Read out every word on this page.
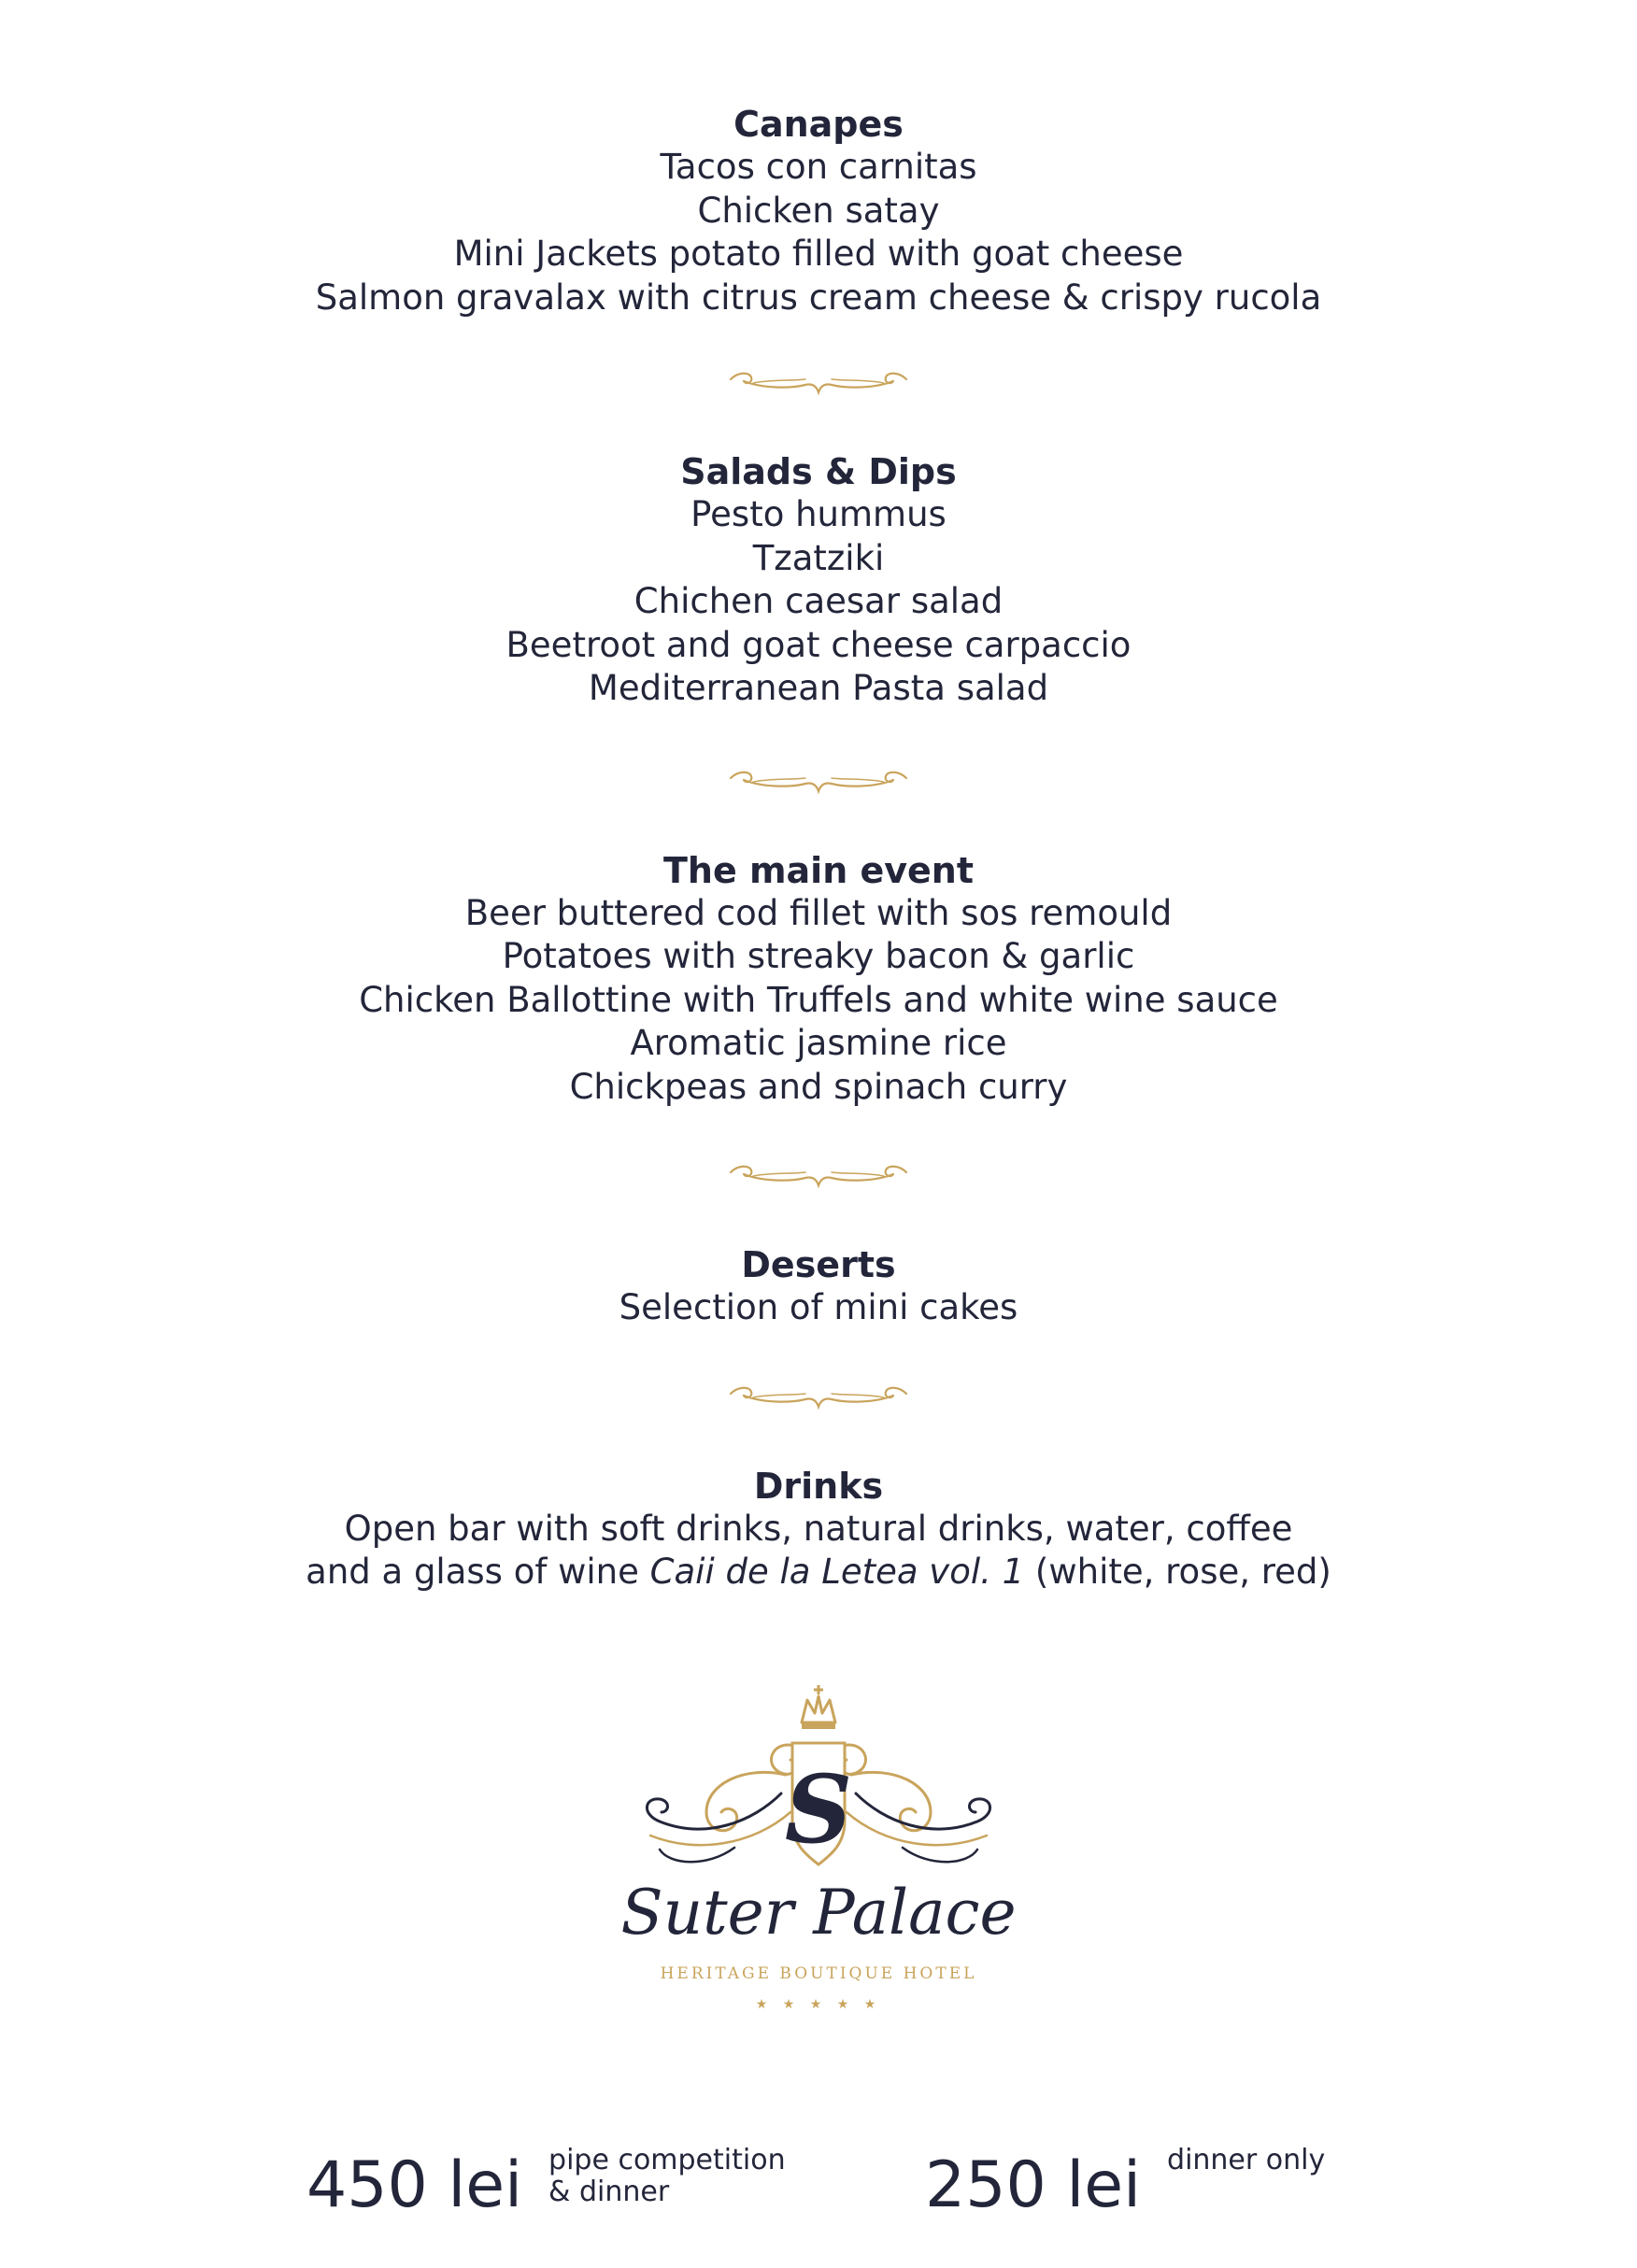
Canapes

Tacos con carnitas

Chicken satay

Mini Jackets potato filled with goat cheese

Salmon gravalax with citrus cream cheese & crispy rucola

Salads & Dips

Pesto hummus

Tzatziki

Chichen caesar salad

Beetroot and goat cheese carpaccio

Mediterranean Pasta salad

The main event

Beer buttered cod fillet with sos remould

Potatoes with streaky bacon & garlic

Chicken Ballottine with Truffels and white wine sauce

Aromatic jasmine rice

Chickpeas and spinach curry

Deserts

Selection of mini cakes

Drinks

Open bar with soft drinks, natural drinks, water, coffee

and a glass of wine Caii de la Letea vol. 1 (white, rose, red)

S
Suter Palace
HERITAGE BOUTIQUE HOTEL
★ ★ ★ ★ ★
450 lei pipe competition
& dinner	250 lei dinner only
